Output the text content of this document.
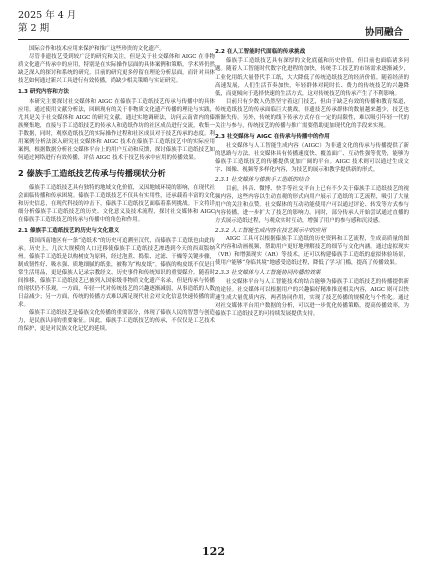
2025 年 4 月
第 2 期	协同融合

国际合作和技术应用来保护和推广这些珍贵的文化遗产。

尽管非遗技艺受到较广泛的研究和关注，但是关于社交媒体和 AIGC 在非物质文化遗产传承中的应用，特别是在实际操作层面的具体案例和策略，学术界仍然缺乏深入的探讨和系统的研究。目前的研究更多停留在理论分析层面，而针对具体技艺如何通过新兴工具进行有效传播，尚缺少相关策略与实证研究。

1.3 研究内容和方法

本研究主要探讨社交媒体和 AIGC 在傣族手工造纸技艺传承与传播中的具体应用。通过使用文献分析法，回顾现有的关于非物质文化遗产传播的理论与实践，尤其是关于社交媒体和 AIGC 的研究文献。通过实地调研法，访问云南省内的傣族聚集地，直接与手工造纸技艺的传承人和造纸作坊的社区成员进行交流，收集一手数据，同时，观察造纸技艺的实际操作过程和社区成员对于技艺传承的态度。利用案例分析法深入研究社交媒体和 AIGC 技术在傣族手工造纸技艺中的实际应用案例，根据数据分析社交媒体平台上的用户互动和反馈，探讨傣族手工造纸技艺如何通过网络进行有效传播，评估 AIGC 技术于技艺传承中应用的传播效果。

2 傣族手工造纸技艺传承与传播现状分析

傣族手工造纸技艺具有独特的地域文化价值，又因地域环境的影响，在现代社会面临传播和传承困境。傣族手工造纸技艺不仅具有实用性，还承载着丰富的文化和历史信息，在现代科技的冲击下，傣族手工造纸技艺面临着系列挑战。下文将详细分析傣族手工造纸技艺的历史、文化意义及技术流程，探讨社交媒体和 AIGC 在傣族手工造纸技艺的传承与传播中的角色和作用。

2.1 傣族手工造纸技艺的历史与文化意义

我国西南地区有一条“造纸术”的历史可追溯至汉代，而傣族手工造纸也由此传承。历史上，几次大规模的人口迁移使傣族手工造纸技艺渗透到今天的西双版纳州。傣族手工造纸是以构树皮为原料，经过泡煮、捣浆、过滤、干燥等关键步骤，制成韧性好、吸水强、质地细腻的纸张，被称为“构皮纸”。傣族的构皮纸不仅是日常生活用品，更是傣族人记录宗教经文、历史事件和传统知识的重要媒介。随着时间推移，傣族手工造纸技艺已被列入国家级非物质文化遗产名录，但是传承与传播的现状仍不乐观。一方面，年轻一代对传统技艺的兴趣逐渐减弱，从事造纸的人数日益减少；另一方面，传统的传播方式难以满足现代社会对文化信息快速传播的需求。

傣族手工造纸技艺是傣族文化传播的重要部分，体现了傣族人民的智慧与创造力，是民族认同的重要象征。因此，傣族手工造纸技艺的传承，不仅仅是工艺技术的保护，更是对民族文化记忆的延续。

2.2 在人工智能时代面临的传承挑战

傣族手工造纸技艺具有深厚的文化底蕴和历史价值，但目前也面临诸多问题。随着人工智能时代数字化进程的加快，传统手工技艺的市场需求逐渐减少，工业化用纸大量替代手工纸，大大降低了传统造纸技艺的经济价值。随着经济的高速发展，人们生活节奏加快，年轻群体对耗时长、费力的传统技艺的兴趣降低，而更倾向于选择快速的生活方式，这对传统技艺的传承产生了不利影响。

目前只有少数人仍然坚守着这门技艺，但由于缺乏有效的传播和教育渠道，传统造纸技艺的传承面临巨大挑战，非遗技艺传承群体的数量越来越少，技艺也渐渐失传。另外，传统的线下传承方式存在一定的局限性，难以吸引年轻一代的关注与参与，传统技艺的传播与推广需要借助更加现代化的手段来实现。

2.3 社交媒体与 AIGC 在传承与传播中的作用

社交媒体与人工智能生成内容（AIGC）为非遗文化的传承与传播提供了新的思路与方法。社交媒体具有传播速度快、覆盖面广、互动性强等优势，能够为傣族手工造纸技艺的传播提供更加广阔的平台。AIGC 技术则可以通过生成文字、图像、视频等多样化内容，为技艺的展示和教学提供新的形式。

2.3.1 社交媒体与傣族手工造纸的结合

目前，抖音、微博、快手等社交平台上已有不少关于傣族手工造纸技艺的视频内容，这些内容以生动直观的形式向用户展示了造纸的工艺流程，吸引了大量用户的关注和点赞。社交媒体的互动功能使用户可以通过评论、转发等方式参与内容传播，进一步扩大了技艺的影响力。同时，部分传承人开始尝试通过直播的方式展示造纸过程，与观众实时互动，增强了用户的参与感和沉浸感。

2.3.2 人工智能生成内容在技艺展示中的应用

AIGC 工具可以根据傣族手工造纸的历史资料和工艺流程，生成高质量的图文内容和动画视频，帮助用户更好地理解技艺的细节与文化内涵。通过虚拟现实（VR）和增强现实（AR）等技术，还可以构建傣族手工造纸的虚拟体验场景，使用户能够“身临其境”地感受造纸过程，降低了学习门槛，提高了传播效果。

2.3.3 社交媒体与人工智能协同传播的效果

社交媒体平台与人工智能技术的结合能够为傣族手工造纸技艺的传播提供新的途径。社交媒体可以根据用户的兴趣偏好精准推送相关内容，AIGC 则可以快速生成大量优质内容，两者协同作用，实现了技艺传播的规模化与个性化。通过对社交媒体平台用户数据的分析，可以进一步优化传播策略，提高传播效率，为傣族手工造纸技艺的可持续发展提供支持。

122
